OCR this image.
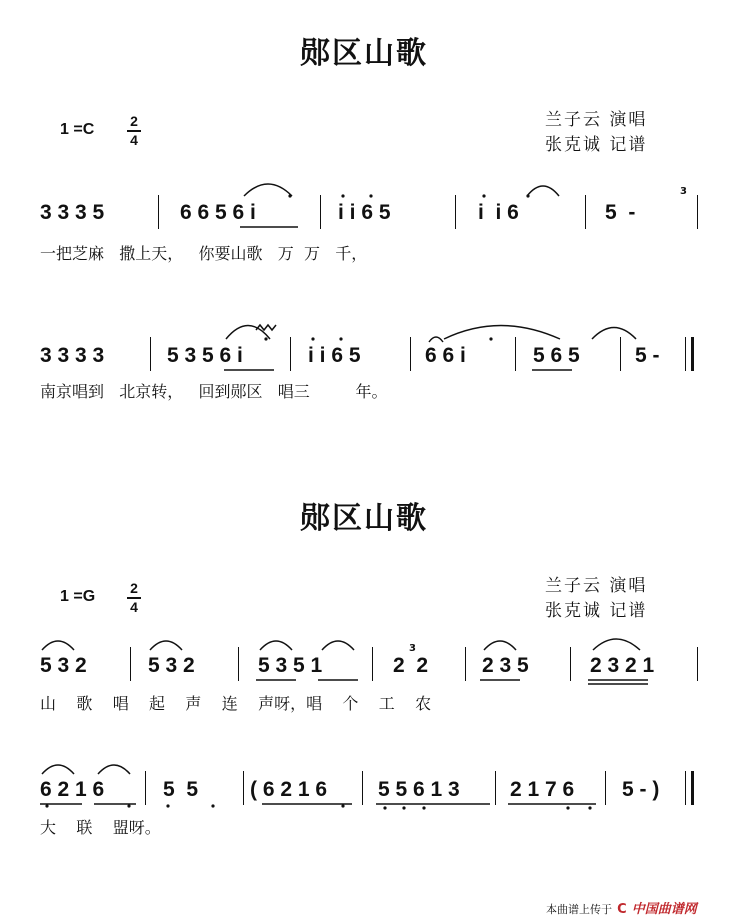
郧区山歌
1 =C	2
4
兰子云 演唱
张克诚 记谱
3 3 3 5	6 6 5 6 i	i i 6 5	i  i 6	5  -
3
一把芝麻   撒上天，   你要山歌   万  万   千，
3 3 3 3	5 3 5 6 i	i i 6 5	6 6 i	5 6 5	5 -
南京唱到   北京转，   回到郧区   唱三         年。
郧区山歌
1 =G 2
4
兰子云 演唱
张克诚 记谱
5 3 2	5 3 2	5 3 5 1	2  2
3
2 3 5	2 3 2 1
山    歌    唱    起    声    连    声呀，唱    个    工    农
6 2 1 6	5  5 ( 6 2 1 6 5 5 6 1 3 2 1 7 6 5 - )
大    联    盟呀。
本曲谱上传于 C 中国曲谱网
